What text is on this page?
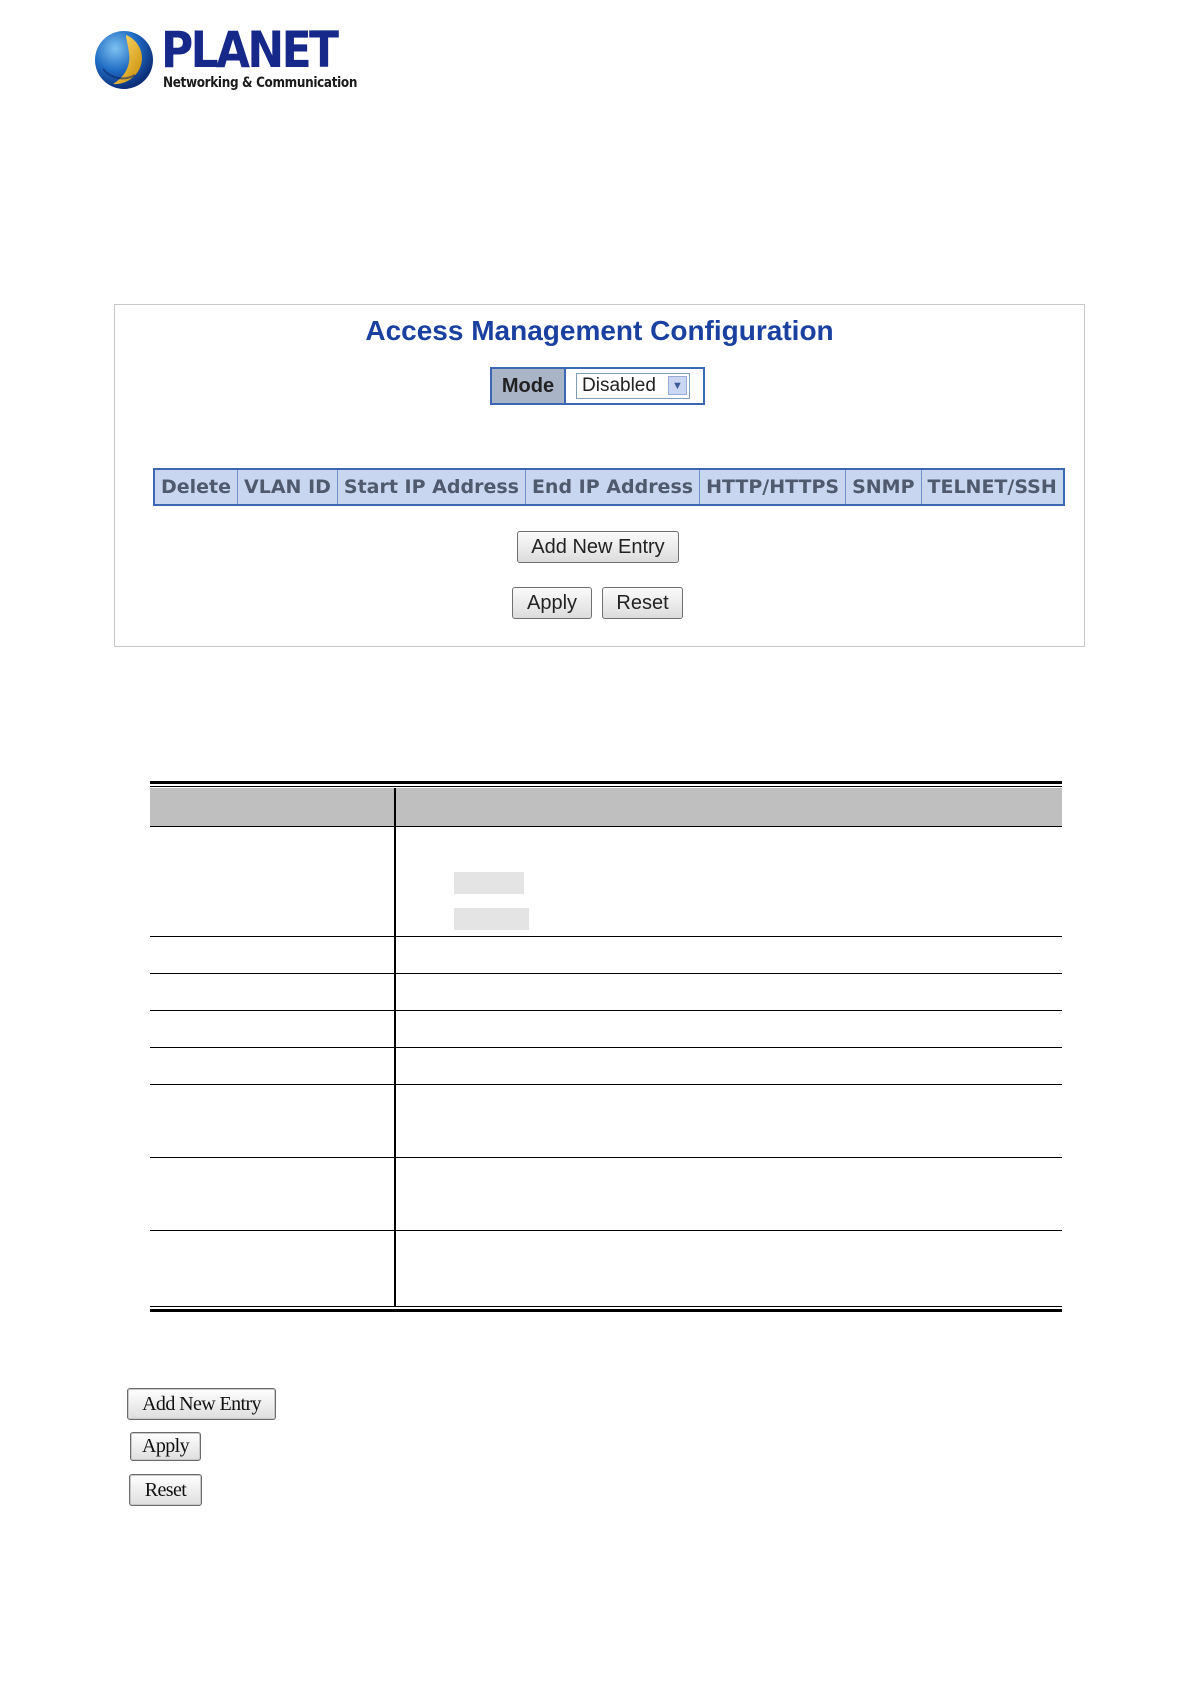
PLANET
Networking & Communication
Access Management Configuration
Mode	Disabled	▼
Delete	VLAN ID	Start IP Address	End IP Address	HTTP/HTTPS	SNMP	TELNET/SSH
Add New Entry
Apply	Reset
Add New Entry
Apply
Reset
